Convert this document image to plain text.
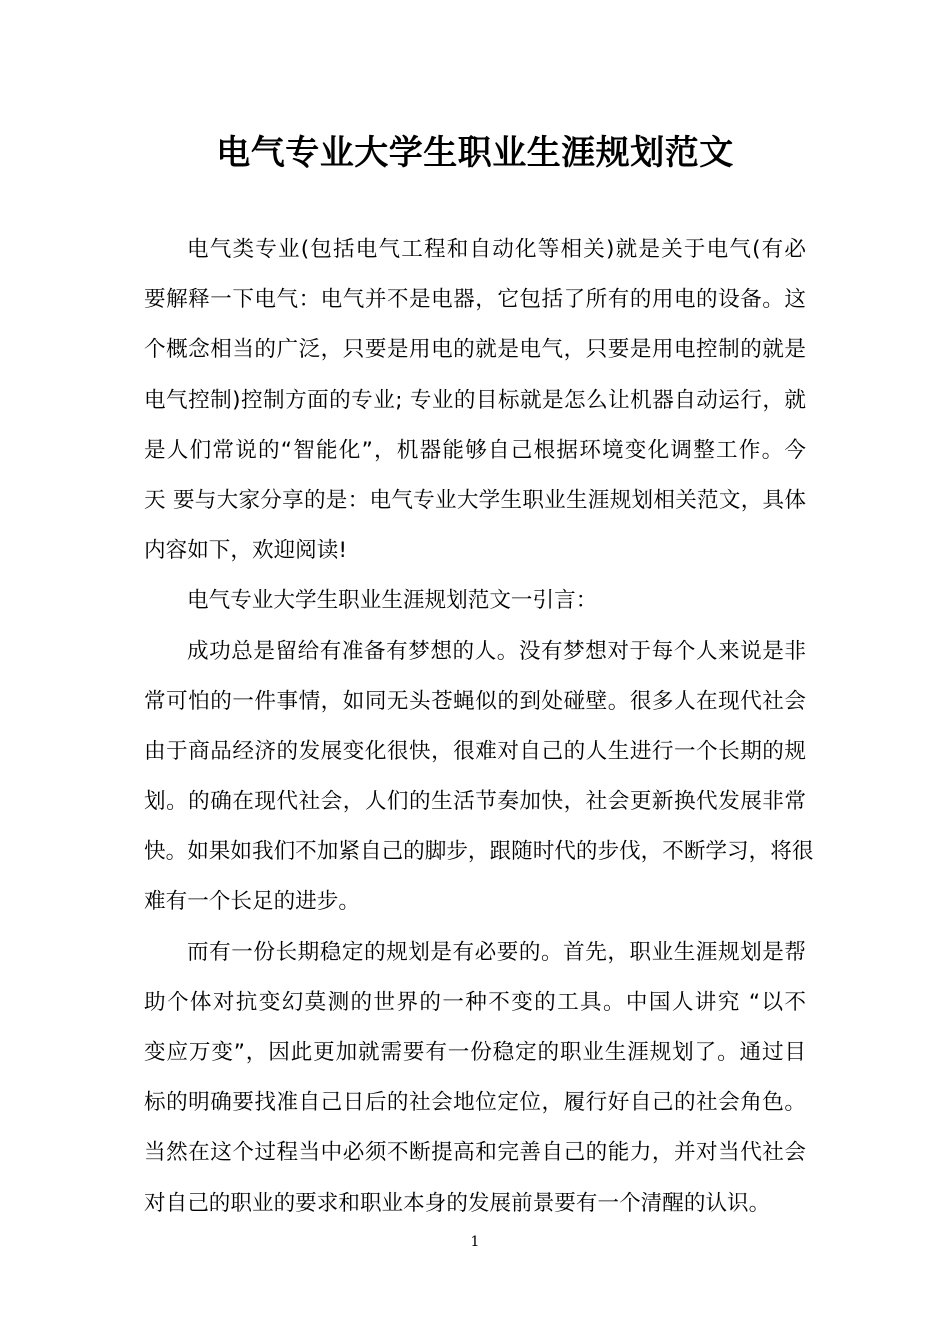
电气专业大学生职业生涯规划范文
电气类专业(包括电气工程和自动化等相关)就是关于电气(有必
要解释一下电气：电气并不是电器，它包括了所有的用电的设备。这
个概念相当的广泛，只要是用电的就是电气，只要是用电控制的就是
电气控制)控制方面的专业; 专业的目标就是怎么让机器自动运行，就
是人们常说的“智能化”，机器能够自己根据环境变化调整工作。今
天 要与大家分享的是：电气专业大学生职业生涯规划相关范文，具体
内容如下，欢迎阅读!
电气专业大学生职业生涯规划范文一引言：
成功总是留给有准备有梦想的人。没有梦想对于每个人来说是非
常可怕的一件事情，如同无头苍蝇似的到处碰壁。很多人在现代社会
由于商品经济的发展变化很快，很难对自己的人生进行一个长期的规
划。的确在现代社会，人们的生活节奏加快，社会更新换代发展非常
快。如果如我们不加紧自己的脚步，跟随时代的步伐，不断学习，将很
难有一个长足的进步。
而有一份长期稳定的规划是有必要的。首先，职业生涯规划是帮
助个体对抗变幻莫测的世界的一种不变的工具。中国人讲究 “以不
变应万变”，因此更加就需要有一份稳定的职业生涯规划了。通过目
标的明确要找准自己日后的社会地位定位，履行好自己的社会角色。
当然在这个过程当中必须不断提高和完善自己的能力，并对当代社会
对自己的职业的要求和职业本身的发展前景要有一个清醒的认识。
1
